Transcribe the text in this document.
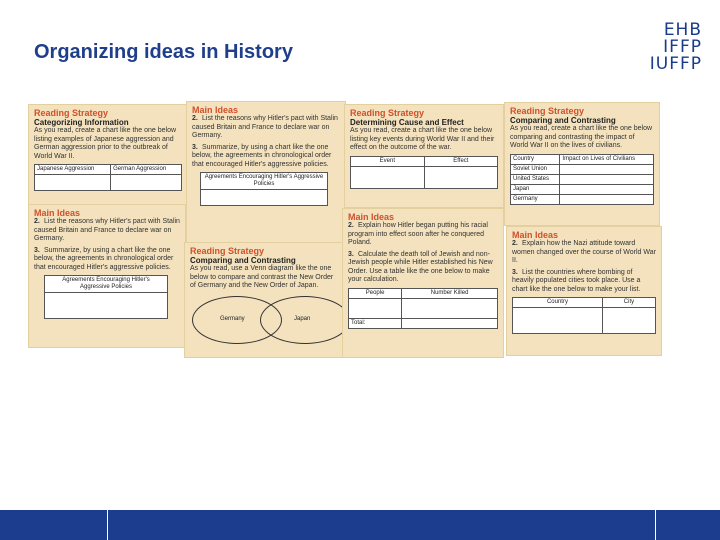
Organizing ideas in History
EHB
IFFP
IUFFP
Reading Strategy
Categorizing Information
As you read, create a chart like the one below listing examples of Japanese aggression and German aggression prior to the outbreak of World War II.
Japanese Aggression	German Aggression

Main Ideas
2. List the reasons why Hitler's pact with Stalin caused Britain and France to declare war on Germany.
3. Summarize, by using a chart like the one below, the agreements in chronological order that encouraged Hitler's aggressive policies.
Agreements Encouraging Hitler's Aggressive Policies

Main Ideas
2. List the reasons why Hitler's pact with Stalin caused Britain and France to declare war on Germany.
3. Summarize, by using a chart like the one below, the agreements in chronological order that encouraged Hitler's aggressive policies.
Agreements Encouraging Hitler's Aggressive Policies

Reading Strategy
Comparing and Contrasting
As you read, use a Venn diagram like the one below to compare and contrast the New Order of Germany and the New Order of Japan.
Germany	Japan
Reading Strategy
Determining Cause and Effect
As you read, create a chart like the one below listing key events during World War II and their effect on the outcome of the war.
Event	Effect

Main Ideas
2. Explain how Hitler began putting his racial program into effect soon after he conquered Poland.
3. Calculate the death toll of Jewish and non-Jewish people while Hitler established his New Order. Use a table like the one below to make your calculation.
People	Number Killed

Total:	
Reading Strategy
Comparing and Contrasting
As you read, create a chart like the one below comparing and contrasting the impact of World War II on the lives of civilians.
Country	Impact on Lives of Civilians
Soviet Union	
United States	
Japan	
Germany	
Main Ideas
2. Explain how the Nazi attitude toward women changed over the course of World War II.
3. List the countries where bombing of heavily populated cities took place. Use a chart like the one below to make your list.
Country	City
